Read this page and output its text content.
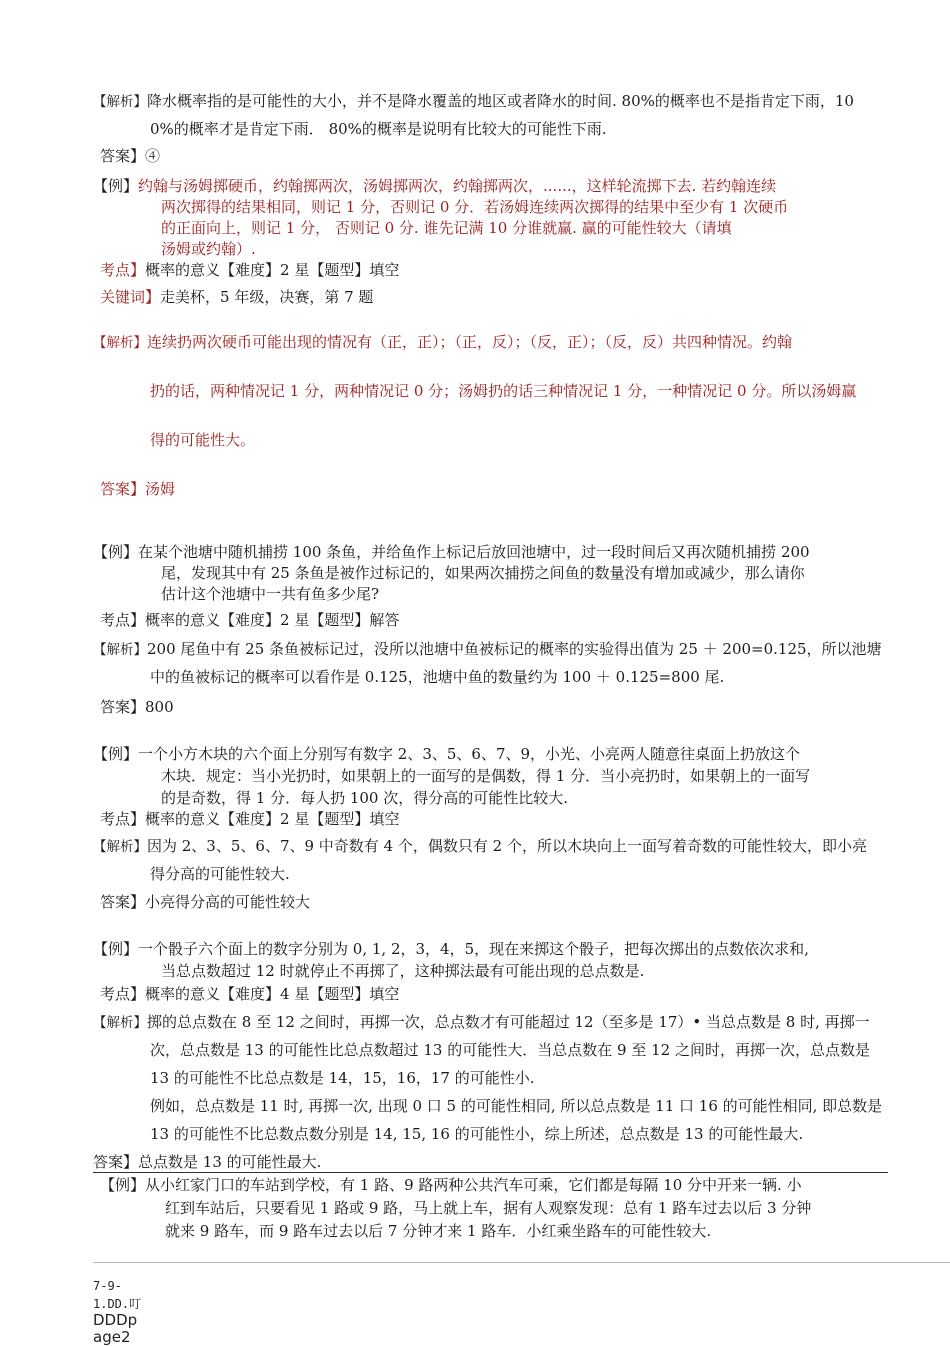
【解析】降水概率指的是可能性的大小，并不是降水覆盖的地区或者降水的时间. 80%的概率也不是指肯定下雨，10
0%的概率才是肯定下雨． 80%的概率是说明有比较大的可能性下雨.
答案】④
【例】约翰与汤姆掷硬币，约翰掷两次，汤姆掷两次，约翰掷两次，......，这样轮流掷下去. 若约翰连续
两次掷得的结果相同，则记 1 分，否则记 0 分．若汤姆连续两次掷得的结果中至少有 1 次硬币
的正面向上，则记 1 分， 否则记 0 分. 谁先记满 10 分谁就赢. 赢的可能性较大（请填
汤姆或约翰）.
考点】概率的意义【难度】2 星【题型】填空
关键词】走美杯，5 年级，决赛，第 7 题
【解析】连续扔两次硬币可能出现的情况有（正，正）；（正，反）；（反，正）；（反，反）共四种情况。约翰
扔的话，两种情况记 1 分，两种情况记 0 分；汤姆扔的话三种情况记 1 分，一种情况记 0 分。所以汤姆赢
得的可能性大。
答案】汤姆
【例】在某个池塘中随机捕捞 100 条鱼，并给鱼作上标记后放回池塘中，过一段时间后又再次随机捕捞 200
尾，发现其中有 25 条鱼是被作过标记的，如果两次捕捞之间鱼的数量没有增加或减少，那么请你
估计这个池塘中一共有鱼多少尾?
考点】概率的意义【难度】2 星【题型】解答
【解析】200 尾鱼中有 25 条鱼被标记过，没所以池塘中鱼被标记的概率的实验得出值为 25 ＋ 200=0.125，所以池塘
中的鱼被标记的概率可以看作是 0.125，池塘中鱼的数量约为 100 ＋ 0.125=800 尾.
答案】800
【例】一个小方木块的六个面上分别写有数字 2、3、5、6、7、9，小光、小亮两人随意往桌面上扔放这个
木块．规定：当小光扔时，如果朝上的一面写的是偶数，得 1 分．当小亮扔时，如果朝上的一面写
的是奇数，得 1 分．每人扔 100 次，得分高的可能性比较大.
考点】概率的意义【难度】2 星【题型】填空
【解析】因为 2、3、5、6、7、9 中奇数有 4 个，偶数只有 2 个，所以木块向上一面写着奇数的可能性较大，即小亮
得分高的可能性较大.
答案】小亮得分高的可能性较大
【例】一个骰子六个面上的数字分别为 0, 1, 2，3，4，5，现在来掷这个骰子，把每次掷出的点数依次求和,
当总点数超过 12 时就停止不再掷了，这种掷法最有可能出现的总点数是.
考点】概率的意义【难度】4 星【题型】填空
【解析】掷的总点数在 8 至 12 之间时，再掷一次，总点数才有可能超过 12（至多是 17）• 当总点数是 8 时, 再掷一
次，总点数是 13 的可能性比总点数超过 13 的可能性大．当总点数在 9 至 12 之间时，再掷一次，总点数是
13 的可能性不比总点数是 14，15，16，17 的可能性小.
例如，总点数是 11 时, 再掷一次, 出现 0 口 5 的可能性相同, 所以总点数是 11 口 16 的可能性相同, 即总数是
13 的可能性不比总数点数分别是 14, 15, 16 的可能性小，综上所述，总点数是 13 的可能性最大.
答案】总点数是 13 的可能性最大.
【例】从小红家门口的车站到学校，有 1 路、9 路两种公共汽车可乘，它们都是每隔 10 分中开来一辆. 小
红到车站后，只要看见 1 路或 9 路，马上就上车，据有人观察发现：总有 1 路车过去以后 3 分钟
就来 9 路车，而 9 路车过去以后 7 分钟才来 1 路车．小红乘坐路车的可能性较大.
7-9-
1.DD.叮
DDDp
age2
